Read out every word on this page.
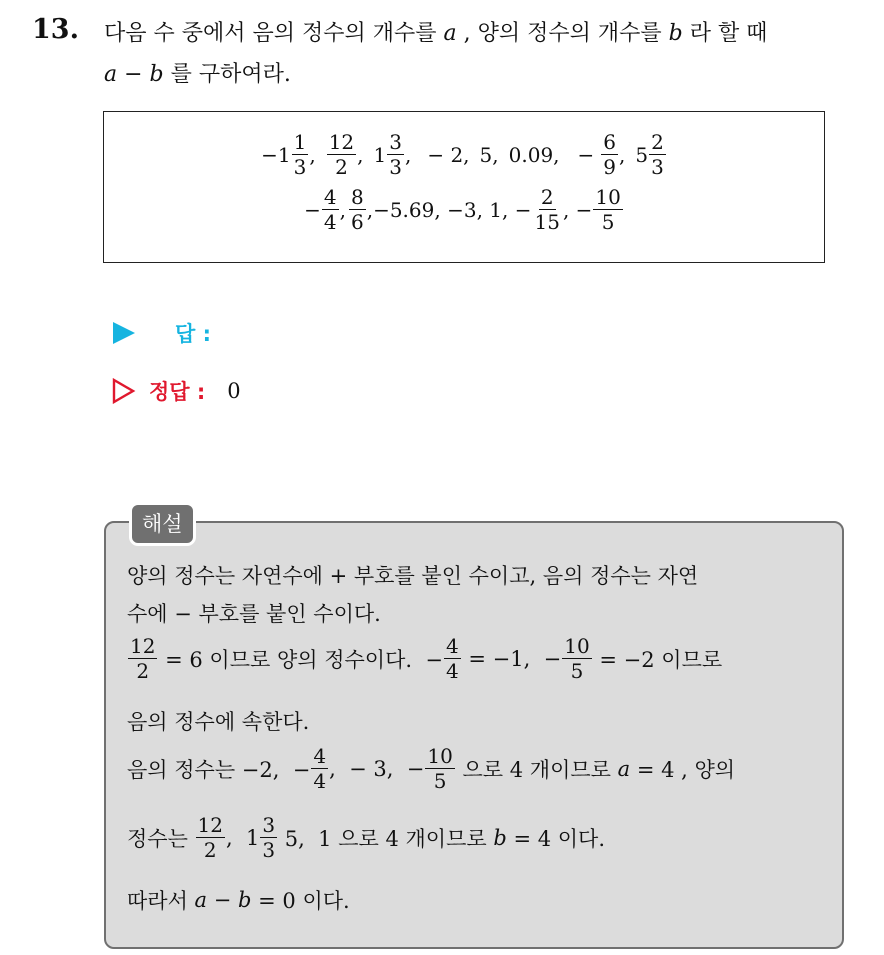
13. 다음 수 중에서 음의 정수의 개수를 a , 양의 정수의 개수를 b 라 할 때
a − b 를 구하여라.
$-1 \frac{1}{3}$ , $\frac{12}{2}$ , $1 \frac{3}{3}$ , − 2, 5, 0.09, − $\frac{6}{9}$ , $5 \frac{2}{3}$
− $\frac{4}{4}$ , $\frac{8}{6} ,-5.69$, −3, 1, − $\frac{2}{15}$ , − $\frac{10}{5}$
답 :
정답 : 0
해설
양의 정수는 자연수에 + 부호를 붙인 수이고, 음의 정수는 자연
수에 − 부호를 붙인 수이다.
$\frac{12}{2} = 6$ 이므로 양의 정수이다.  − $\frac{4}{4} = -1$,  − $\frac{10}{5} = -2$ 이므로
음의 정수에 속한다.
음의 정수는 −2,  − $\frac{4}{4}$ ,  − 3,  − $\frac{10}{5}$ 으로 4 개이므로 a = 4 , 양의
정수는 $\frac{12}{2}$ ,  $1 \frac{3}{3} 5$,  1 으로 4 개이므로 b = 4 이다.
따라서 a − b = 0 이다.
